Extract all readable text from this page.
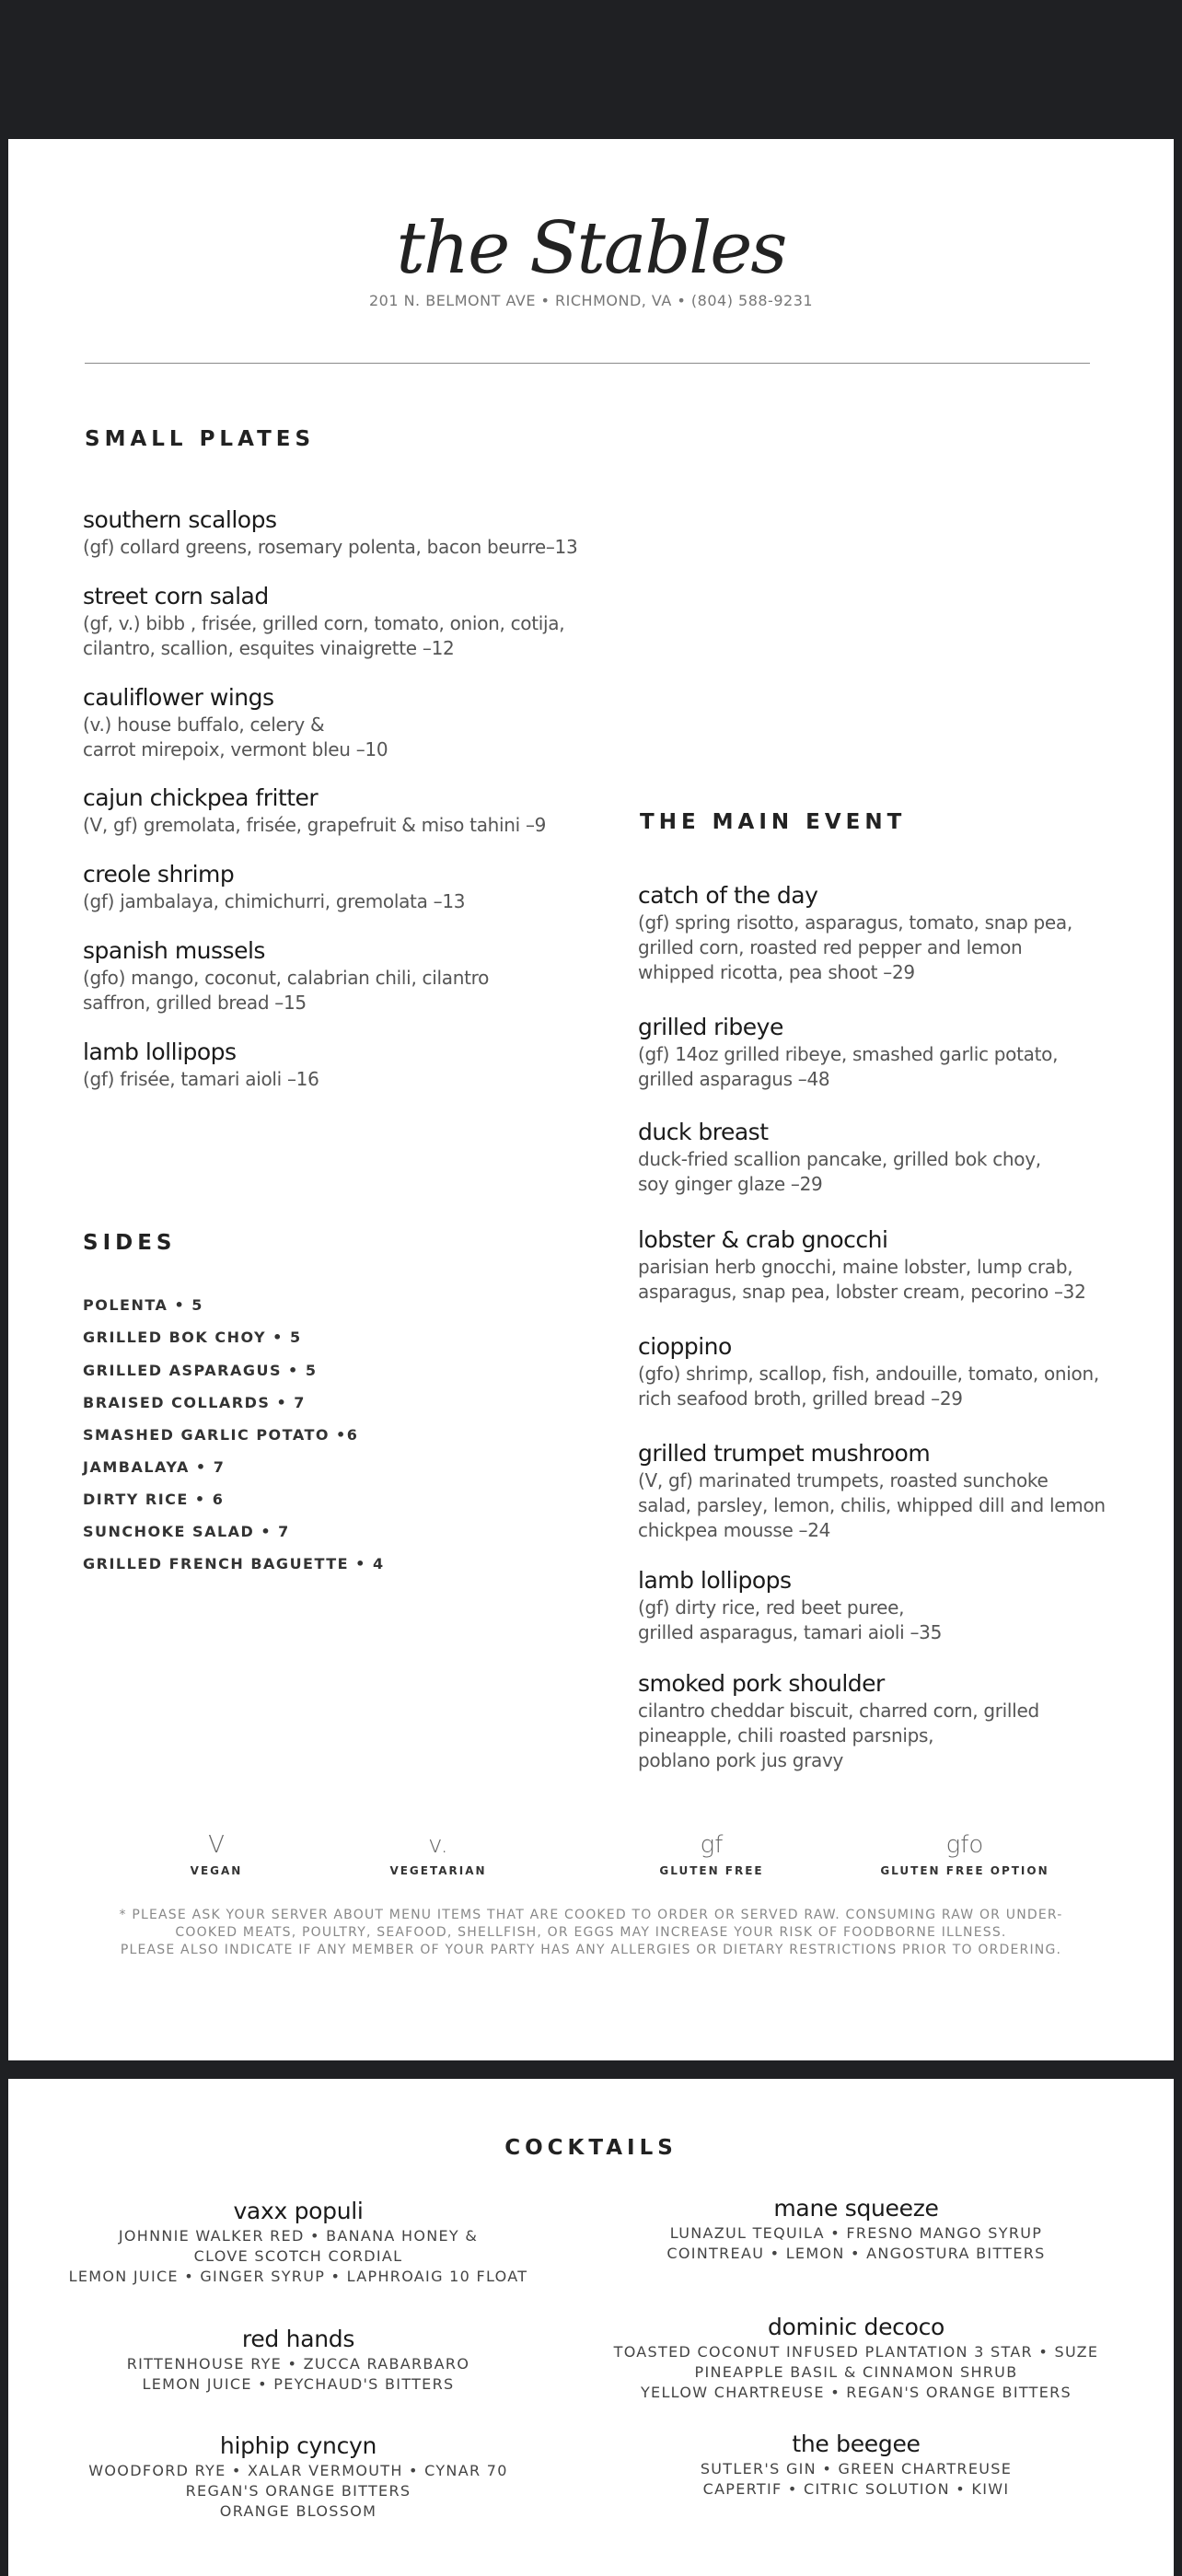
the Stables
201 N. BELMONT AVE • RICHMOND, VA • (804) 588-9231
SMALL PLATES
southern scallops
(gf) collard greens, rosemary polenta, bacon beurre–13
street corn salad
(gf, v.) bibb , frisée, grilled corn, tomato, onion, cotija,
cilantro, scallion, esquites vinaigrette –12
cauliflower wings
(v.) house buffalo, celery &
carrot mirepoix, vermont bleu –10
cajun chickpea fritter
(V, gf) gremolata, frisée, grapefruit & miso tahini –9
creole shrimp
(gf) jambalaya, chimichurri, gremolata –13
spanish mussels
(gfo) mango, coconut, calabrian chili, cilantro
saffron, grilled bread –15
lamb lollipops
(gf) frisée, tamari aioli –16
SIDES
POLENTA • 5
GRILLED BOK CHOY • 5
GRILLED ASPARAGUS • 5
BRAISED COLLARDS • 7
SMASHED GARLIC POTATO •6
JAMBALAYA • 7
DIRTY RICE • 6
SUNCHOKE SALAD • 7
GRILLED FRENCH BAGUETTE • 4
THE MAIN EVENT
catch of the day
(gf) spring risotto, asparagus, tomato, snap pea,
grilled corn, roasted red pepper and lemon
whipped ricotta, pea shoot –29
grilled ribeye
(gf) 14oz grilled ribeye, smashed garlic potato,
grilled asparagus –48
duck breast
duck-fried scallion pancake, grilled bok choy,
soy ginger glaze –29
lobster & crab gnocchi
parisian herb gnocchi, maine lobster, lump crab,
asparagus, snap pea, lobster cream, pecorino –32
cioppino
(gfo) shrimp, scallop, fish, andouille, tomato, onion,
rich seafood broth, grilled bread –29
grilled trumpet mushroom
(V, gf) marinated trumpets, roasted sunchoke
salad, parsley, lemon, chilis, whipped dill and lemon
chickpea mousse –24
lamb lollipops
(gf) dirty rice, red beet puree,
grilled asparagus, tamari aioli –35
smoked pork shoulder
cilantro cheddar biscuit, charred corn, grilled
pineapple, chili roasted parsnips,
poblano pork jus gravy
V
VEGAN
v.
VEGETARIAN
gf
GLUTEN FREE
gfo
GLUTEN FREE OPTION
* PLEASE ASK YOUR SERVER ABOUT MENU ITEMS THAT ARE COOKED TO ORDER OR SERVED RAW. CONSUMING RAW OR UNDER-
COOKED MEATS, POULTRY, SEAFOOD, SHELLFISH, OR EGGS MAY INCREASE YOUR RISK OF FOODBORNE ILLNESS.
PLEASE ALSO INDICATE IF ANY MEMBER OF YOUR PARTY HAS ANY ALLERGIES OR DIETARY RESTRICTIONS PRIOR TO ORDERING.
COCKTAILS
vaxx populi
JOHNNIE WALKER RED • BANANA HONEY &
CLOVE SCOTCH CORDIAL
LEMON JUICE • GINGER SYRUP • LAPHROAIG 10 FLOAT
red hands
RITTENHOUSE RYE • ZUCCA RABARBARO
LEMON JUICE • PEYCHAUD'S BITTERS
hiphip cyncyn
WOODFORD RYE • XALAR VERMOUTH • CYNAR 70
REGAN'S ORANGE BITTERS
ORANGE BLOSSOM
mane squeeze
LUNAZUL TEQUILA • FRESNO MANGO SYRUP
COINTREAU • LEMON • ANGOSTURA BITTERS
dominic decoco
TOASTED COCONUT INFUSED PLANTATION 3 STAR • SUZE
PINEAPPLE BASIL & CINNAMON SHRUB
YELLOW CHARTREUSE • REGAN'S ORANGE BITTERS
the beegee
SUTLER'S GIN • GREEN CHARTREUSE
CAPERTIF • CITRIC SOLUTION • KIWI
